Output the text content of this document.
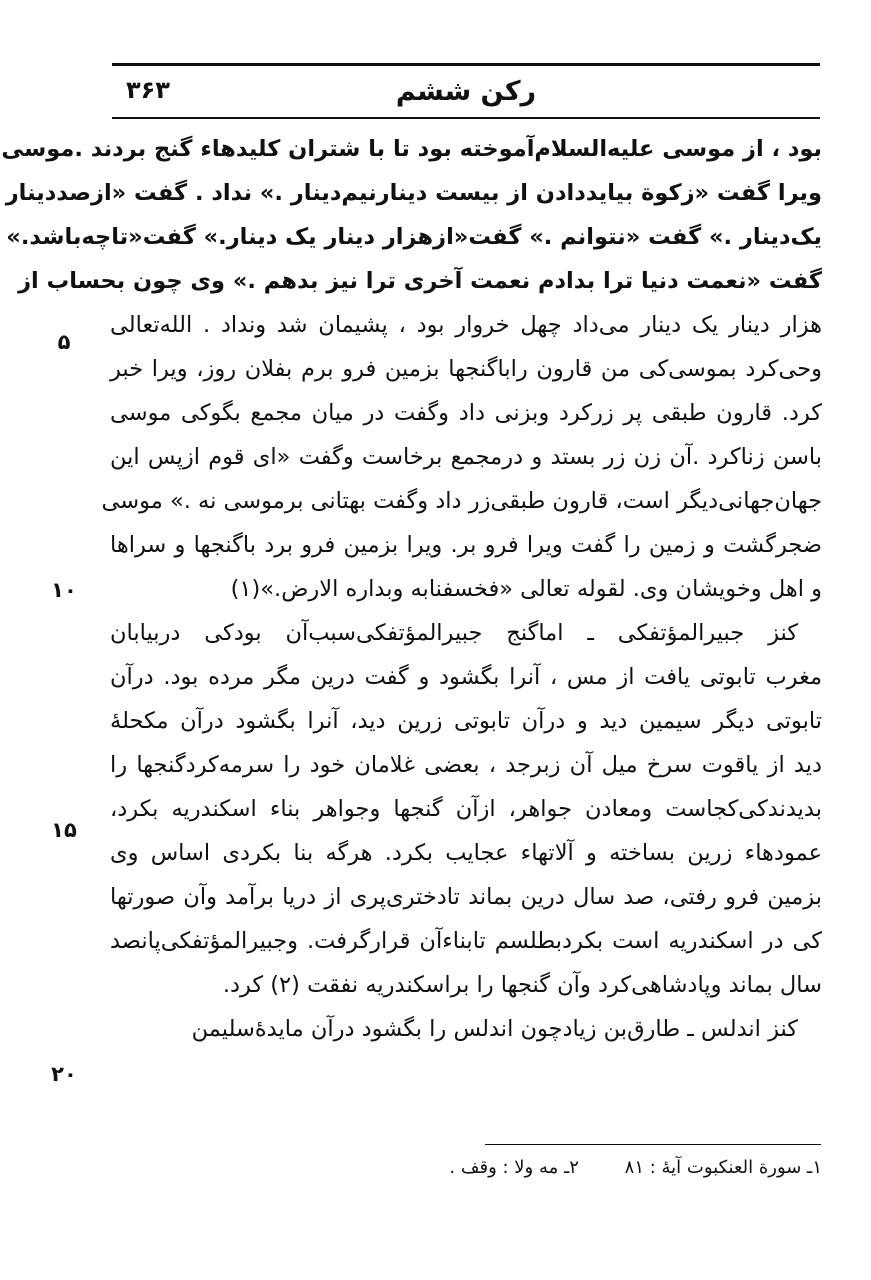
رکن ششم
۳۶۳
بود ، از موسی علیه‌السلام‌آموخته بود تا با شتران کلیدهاء گنج بردند .موسی
ویرا گفت «زکوة بیایددادن از بیست دینارنیم‌دینار .» نداد . گفت «ازصددینار
یک‌دینار .» گفت «نتوانم .» گفت«ازهزار دینار یک دینار.» گفت«تاچه‌باشد.»
گفت «نعمت دنیا ترا بدادم نعمت آخری ترا نیز بدهم .» وی چون بحساب از
هزار دینار یک دینار می‌داد چهل خروار بود ، پشیمان شد ونداد . الله‌تعالی
وحی‌کرد بموسی‌کی من قارون رابا‌گنجها بزمین فرو برم بفلان روز، ویرا خبر
کرد. قارون طبقی پر زرکرد وبزنی داد وگفت در میان مجمع بگوکی موسی
باسن زنا‌کرد .آن زن زر بستد و درمجمع برخاست وگفت «ای قوم ازپس این
جهان‌جهانی‌دیگر است، قارون طبقی‌زر داد وگفت بهتانی برموسی نه .» موسی
ضجرگشت و زمین را گفت ویرا فرو بر. ویرا بزمین فرو برد باگنجها و سراها
و اهل وخویشان وی. لقوله تعالی «فخسفنابه وبداره الارض.»(۱)
کنز جبیرالمؤتفکی ـ اما‌گنج جبیرالمؤتفکی‌سبب‌آن بودکی دربیابان
مغرب تابوتی یافت از مس ، آنرا بگشود و گفت درین مگر مرده بود. درآن
تابوتی دیگر سیمین دید و درآن تابوتی زرین دید، آنرا بگشود درآن مکحلهٔ
دید از یاقوت سرخ میل آن زبرجد ، بعضی غلامان خود را سرمه‌کردگنجها را
بدیدندکی‌کجاست ومعادن جواهر، ازآن گنجها وجواهر بناء اسکندریه بکرد،
عمودهاء زرین بساخته و آلاتهاء عجایب بکرد. هرگه بنا بکردی اساس وی
بزمین فرو رفتی، صد سال درین بماند تادختری‌پری از دریا برآمد وآن صورتها
کی در اسکندریه است بکردبطلسم تابناءآن قرارگرفت. وجبیرالمؤتفکی‌پانصد
سال بماند وپادشاهی‌کرد وآن گنجها را براسکندریه نفقت (۲) کرد.
کنز اندلس ـ طارق‌بن زیادچون اندلس را بگشود درآن مایدهٔ‌سلیمن
۵
۱۰
۱۵
۲۰
۱ـ سورة العنکبوت آیهٔ : ۸۱ ۲ـ مه ولا : وقف .
